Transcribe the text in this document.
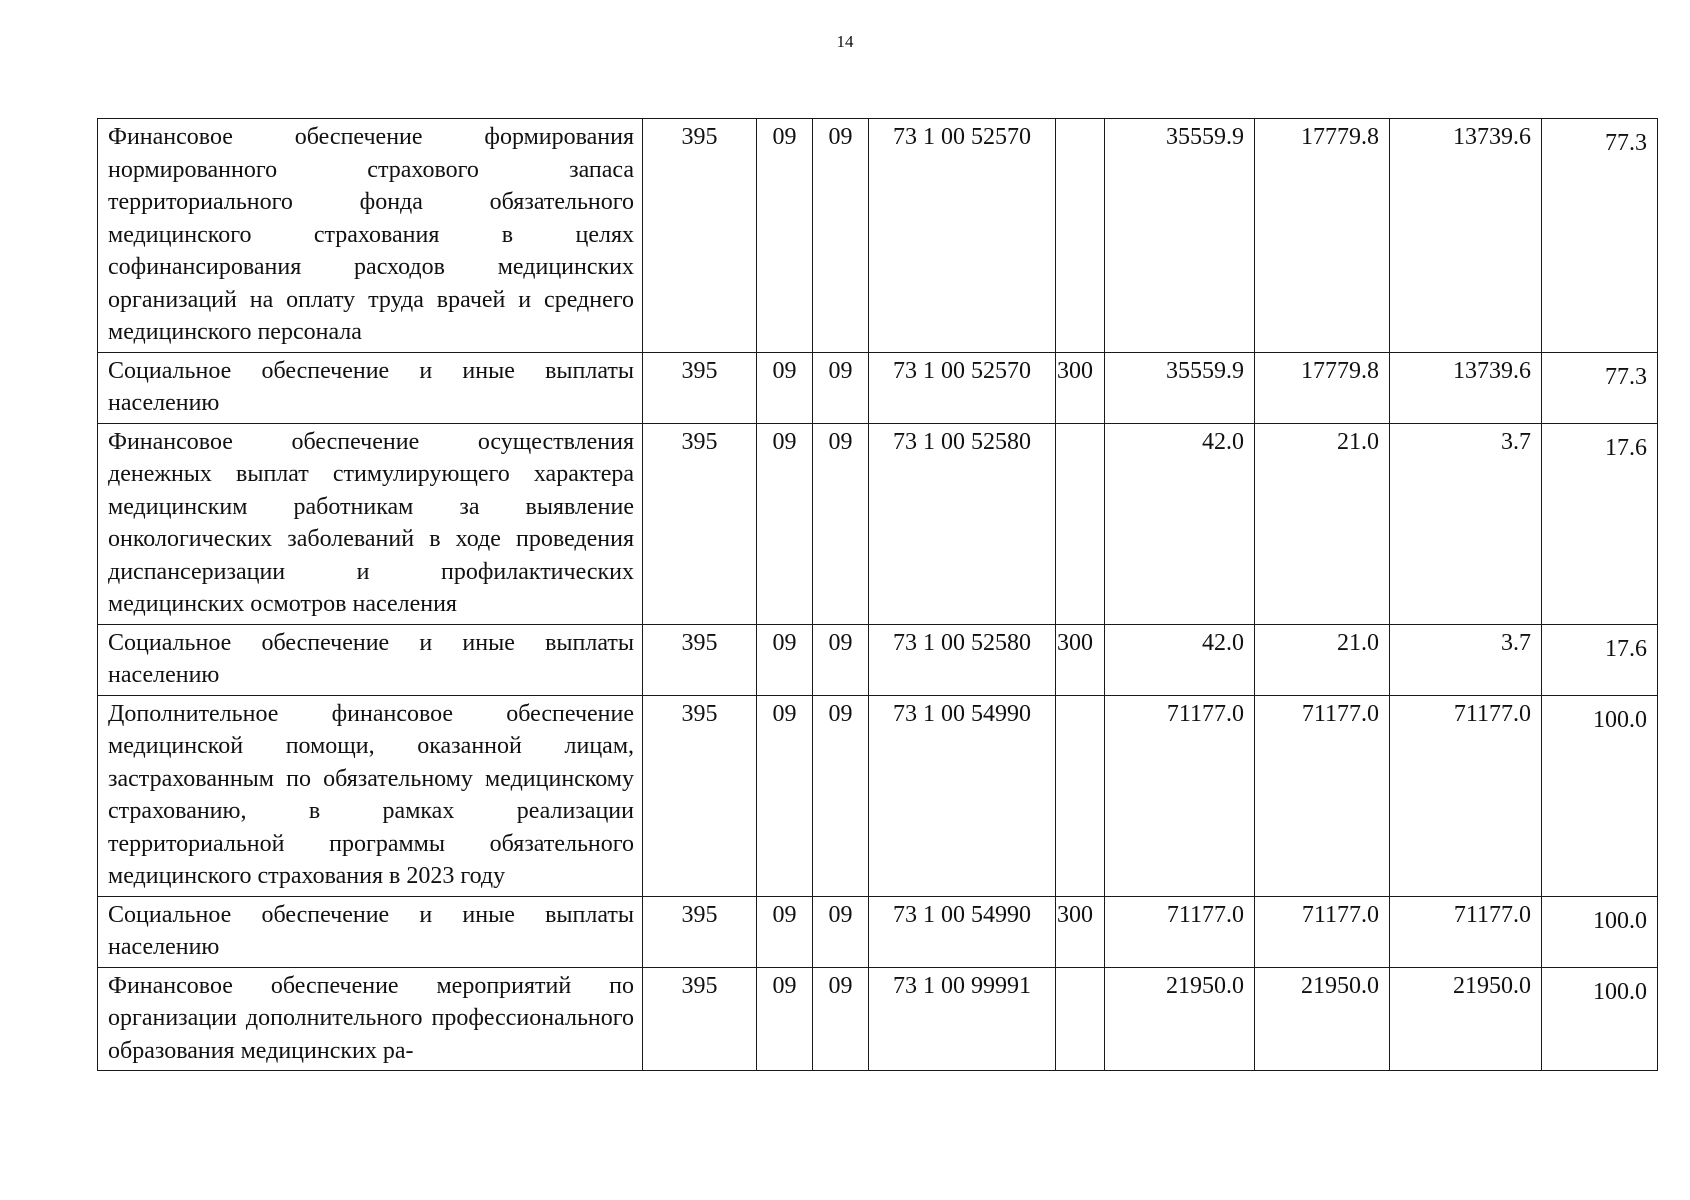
14
Финансовое обеспечение формирования нормированного страхового запаса территориального фонда обязательного медицинского страхования в целях софинансирования расходов медицинских организаций на оплату труда врачей и среднего медицинского персонала	395	09	09	73 1 00 52570		35559.9	17779.8	13739.6	77.3
Социальное обеспечение и иные выплаты населению	395	09	09	73 1 00 52570	300	35559.9	17779.8	13739.6	77.3
Финансовое обеспечение осуществления денежных выплат стимулирующего характера медицинским работникам за выявление онкологических заболеваний в ходе проведения диспансеризации и профилактических медицинских осмотров населения	395	09	09	73 1 00 52580		42.0	21.0	3.7	17.6
Социальное обеспечение и иные выплаты населению	395	09	09	73 1 00 52580	300	42.0	21.0	3.7	17.6
Дополнительное финансовое обеспечение медицинской помощи, оказанной лицам, застрахованным по обязательному медицинскому страхованию, в рамках реализации территориальной программы обязательного медицинского страхования в 2023 году	395	09	09	73 1 00 54990		71177.0	71177.0	71177.0	100.0
Социальное обеспечение и иные выплаты населению	395	09	09	73 1 00 54990	300	71177.0	71177.0	71177.0	100.0
Финансовое обеспечение мероприятий по организации дополнительного профессионального образования медицинских ра-	395	09	09	73 1 00 99991		21950.0	21950.0	21950.0	100.0
